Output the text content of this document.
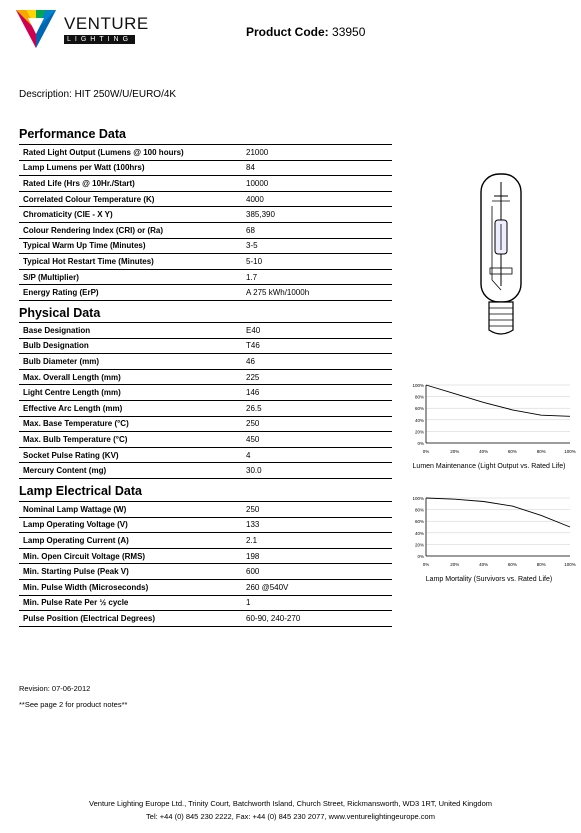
VENTURE
LIGHTING
Product Code: 33950
Description: HIT 250W/U/EURO/4K
Performance Data
Rated Light Output (Lumens @ 100 hours)	21000
Lamp Lumens per Watt (100hrs)	84
Rated Life (Hrs @ 10Hr./Start)	10000
Correlated Colour Temperature (K)	4000
Chromaticity (CIE - X Y)	385,390
Colour Rendering Index (CRI) or (Ra)	68
Typical Warm Up Time (Minutes)	3-5
Typical Hot Restart Time (Minutes)	5-10
S/P (Multiplier)	1.7
Energy Rating (ErP)	A 275 kWh/1000h
Physical Data
Base Designation	E40
Bulb Designation	T46
Bulb Diameter (mm)	46
Max. Overall Length (mm)	225
Light Centre Length (mm)	146
Effective Arc Length (mm)	26.5
Max. Base Temperature (°C)	250
Max. Bulb Temperature (°C)	450
Socket Pulse Rating (KV)	4
Mercury Content (mg)	30.0
Lamp Electrical Data
Nominal Lamp Wattage (W)	250
Lamp Operating Voltage (V)	133
Lamp Operating Current (A)	2.1
Min. Open Circuit Voltage (RMS)	198
Min. Starting Pulse (Peak V)	600
Min. Pulse Width (Microseconds)	260 @540V
Min. Pulse Rate Per ½ cycle	1
Pulse Position (Electrical Degrees)	60-90, 240-270
0%
20%
40%
60%
80%
100%
0%	20%	40%	60%	80%	100%
Lumen Maintenance (Light Output vs. Rated Life)
0%
20%
40%
60%
80%
100%
0%	20%	40%	60%	80%	100%
Lamp Mortality (Survivors vs. Rated Life)
Revision: 07-06-2012
**See page 2 for product notes**
Venture Lighting Europe Ltd., Trinity Court, Batchworth Island, Church Street, Rickmansworth, WD3 1RT, United Kingdom
Tel: +44 (0) 845 230 2222, Fax: +44 (0) 845 230 2077, www.venturelightingeurope.com
